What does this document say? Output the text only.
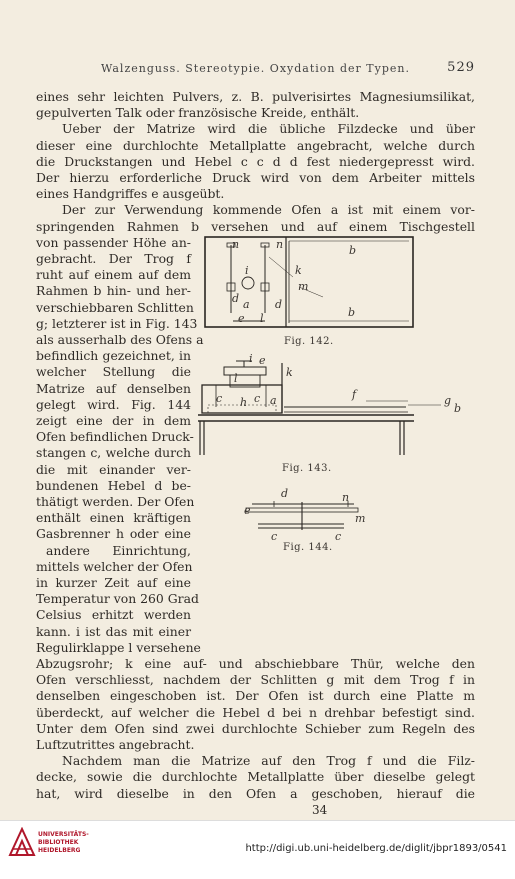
Walzenguss. Stereotypie. Oxydation der Typen.	529
eines sehr leichten Pulvers, z. B. pulverisirtes Magnesiumsilikat,
gepulverten Talk oder französische Kreide, enthält.
Ueber der Matrize wird die übliche Filzdecke und über
dieser eine durchlochte Metallplatte angebracht, welche durch
die Druckstangen und Hebel c c d d fest niedergepresst wird.
Der hierzu erforderliche Druck wird von dem Arbeiter mittels
eines Handgriffes e ausgeübt.
Der zur Verwendung kommende Ofen a ist mit einem vor-
springenden Rahmen b versehen und auf einem Tischgestell
von passender Höhe an-
gebracht. Der Trog f
ruht auf einem auf dem
Rahmen b hin- und her-
verschiebbaren Schlitten
g; letzterer ist in Fig. 143
als ausserhalb des Ofens a
befindlich gezeichnet, in
welcher Stellung die
Matrize auf denselben
gelegt wird. Fig. 144
zeigt eine der in dem
Ofen befindlichen Druck-
stangen c, welche durch
die mit einander ver-
bundenen Hebel d be-
thätigt werden. Der Ofen
enthält einen kräftigen
Gasbrenner h oder eine
andere Einrichtung,
mittels welcher der Ofen
in kurzer Zeit auf eine
Temperatur von 260 Grad
Celsius erhitzt werden
kann. i ist das mit einer
Regulirklappe l versehene
Abzugsrohr; k eine auf- und abschiebbare Thür, welche den
Ofen verschliesst, nachdem der Schlitten g mit dem Trog f in
denselben eingeschoben ist. Der Ofen ist durch eine Platte m
überdeckt, auf welcher die Hebel d bei n drehbar befestigt sind.
Unter dem Ofen sind zwei durchlochte Schieber zum Regeln des
Luftzutrittes angebracht.
Nachdem man die Matrize auf den Trog f und die Filz-
decke, sowie die durchlochte Metallplatte über dieselbe gelegt
hat, wird dieselbe in den Ofen a geschoben, hierauf die
n	n	b
i	k
m
d a d
e l	b
Fig. 142.
i e
l	k
f	g
b
c h c a
Fig. 143.
d	n
e
m
c	c
Fig. 144.
34
UNIVERSITÄTS-
BIBLIOTHEK
HEIDELBERG	http://digi.ub.uni-heidelberg.de/diglit/jbpr1893/0541
